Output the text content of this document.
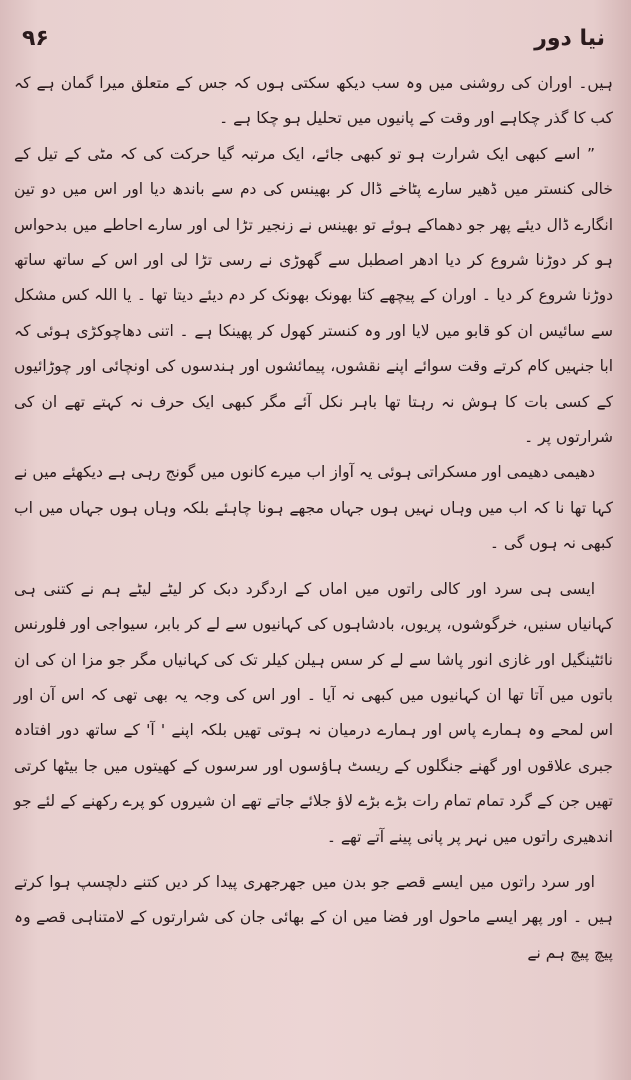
۹۶	نیا دور

ہیں۔ اوران کی روشنی میں وہ سب دیکھ سکتی ہوں کہ جس کے متعلق میرا گمان ہے کہ کب کا گذر چکاہے اور وقت کے پانیوں میں تحلیل ہو چکا ہے ۔

” اسے کبھی ایک شرارت ہو تو کبھی جائے، ایک مرتبہ گیا حرکت کی کہ مٹی کے تیل کے خالی کنستر میں ڈھیر سارے پٹاخے ڈال کر بھینس کی دم سے باندھ دیا اور اس میں دو تین انگارے ڈال دیئے پھر جو دھماکے ہوئے تو بھینس نے زنجیر تڑا لی اور سارے احاطے میں بدحواس ہو کر دوڑنا شروع کر دیا ادھر اصطبل سے گھوڑی نے رسی تڑا لی اور اس کے ساتھ ساتھ دوڑنا شروع کر دیا ۔ اوران کے پیچھے کتا بھونک بھونک کر دم دیئے دیتا تھا ۔ یا اللہ کس مشکل سے سائیس ان کو قابو میں لایا اور وہ کنستر کھول کر پھینکا ہے ۔ اتنی دھاچوکڑی ہوئی کہ ابا جنہیں کام کرتے وقت سوائے اپنے نقشوں، پیمائشوں اور ہندسوں کی اونچائی اور چوڑائیوں کے کسی بات کا ہوش نہ رہتا تھا باہر نکل آئے مگر کبھی ایک حرف نہ کہتے تھے ان کی شرارتوں پر ۔

دھیمی دھیمی اور مسکراتی ہوئی یہ آواز اب میرے کانوں میں گونج رہی ہے دیکھئے میں نے کہا تھا نا کہ اب میں وہاں نہیں ہوں جہاں مجھے ہونا چاہئے بلکہ وہاں ہوں جہاں میں اب کبھی نہ ہوں گی ۔

ایسی ہی سرد اور کالی راتوں میں اماں کے اردگرد دبک کر لیٹے لیٹے ہم نے کتنی ہی کہانیاں سنیں، خرگوشوں، پریوں، بادشاہوں کی کہانیوں سے لے کر بابر، سیواجی اور فلورنس نائٹینگیل اور غازی انور پاشا سے لے کر سس ہیلن کیلر تک کی کہانیاں مگر جو مزا ان کی ان باتوں میں آتا تھا ان کہانیوں میں کبھی نہ آیا ۔ اور اس کی وجہ یہ بھی تھی کہ اس آن اور اس لمحے وہ ہمارے پاس اور ہمارے درمیان نہ ہوتی تھیں بلکہ اپنے ' آ' کے ساتھ دور افتادہ جبری علاقوں اور گھنے جنگلوں کے ریسٹ ہاؤسوں اور سرسوں کے کھیتوں میں جا بیٹھا کرتی تھیں جن کے گرد تمام تمام رات بڑے بڑے لاؤ جلائے جاتے تھے ان شیروں کو پرے رکھنے کے لئے جو اندھیری راتوں میں نہر پر پانی پینے آتے تھے ۔

اور سرد راتوں میں ایسے قصے جو بدن میں جھرجھری پیدا کر دیں کتنے دلچسپ ہوا کرتے ہیں ۔ اور پھر ایسے ماحول اور فضا میں ان کے بھائی جان کی شرارتوں کے لامتناہی قصے وہ پیچ پیچ ہم نے
